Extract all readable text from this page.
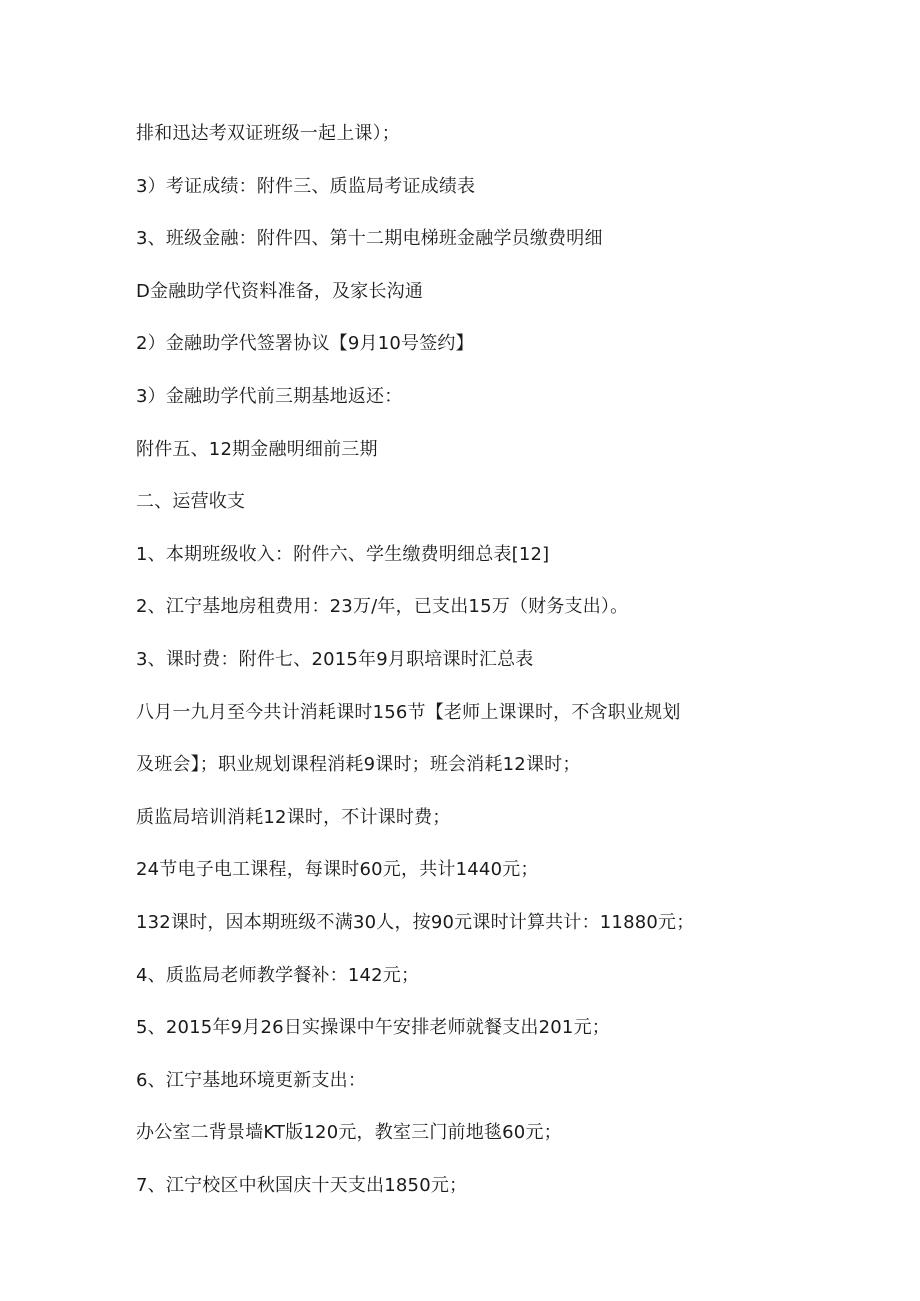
排和迅达考双证班级一起上课）；
3）考证成绩：附件三、质监局考证成绩表
3、班级金融：附件四、第十二期电梯班金融学员缴费明细
D金融助学代资料准备，及家长沟通
2）金融助学代签署协议【9月10号签约】
3）金融助学代前三期基地返还：
附件五、12期金融明细前三期
二、运营收支
1、本期班级收入：附件六、学生缴费明细总表[12]
2、江宁基地房租费用：23万/年，已支出15万（财务支出）。
3、课时费：附件七、2015年9月职培课时汇总表
八月一九月至今共计消耗课时156节【老师上课课时，不含职业规划
及班会】；职业规划课程消耗9课时；班会消耗12课时；
质监局培训消耗12课时，不计课时费；
24节电子电工课程，每课时60元，共计1440元；
132课时，因本期班级不满30人，按90元课时计算共计：11880元；
4、质监局老师教学餐补：142元；
5、2015年9月26日实操课中午安排老师就餐支出201元；
6、江宁基地环境更新支出：
办公室二背景墙KT版120元，教室三门前地毯60元；
7、江宁校区中秋国庆十天支出1850元；
